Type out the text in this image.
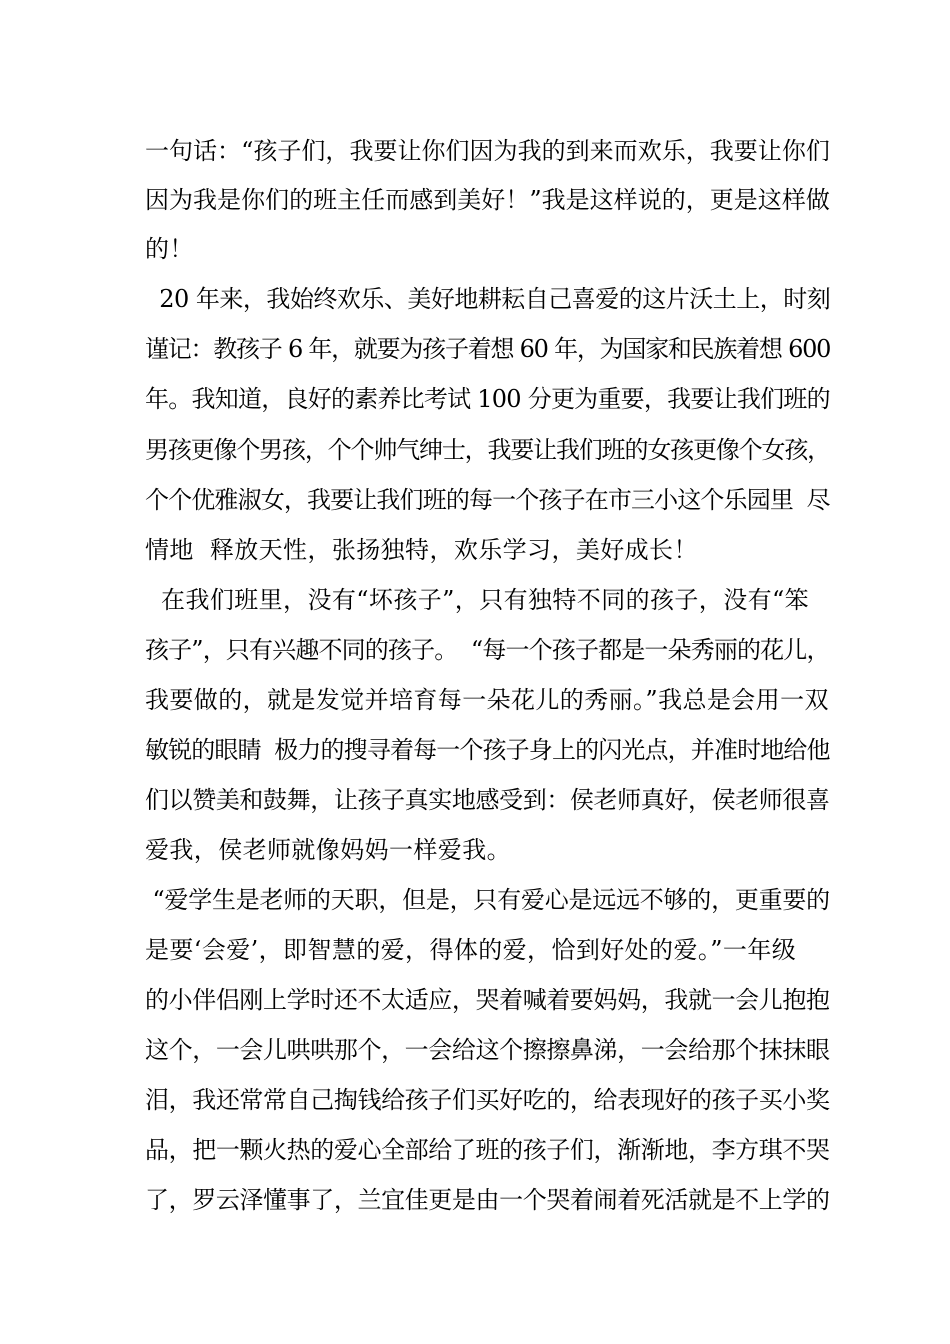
一句话：“孩子们，我要让你们因为我的到来而欢乐，我要让你们
因为我是你们的班主任而感到美好！”我是这样说的，更是这样做
的！
20 年来，我始终欢乐、美好地耕耘自己喜爱的这片沃土上，时刻
谨记：教孩子 6 年，就要为孩子着想 60 年，为国家和民族着想 600
年。我知道，良好的素养比考试 100 分更为重要，我要让我们班的
男孩更像个男孩，个个帅气绅士，我要让我们班的女孩更像个女孩，
个个优雅淑女，我要让我们班的每一个孩子在市三小这个乐园里  尽
情地  释放天性，张扬独特，欢乐学习，美好成长！
在我们班里，没有“坏孩子”，只有独特不同的孩子，没有“笨
孩子”，只有兴趣不同的孩子。  “每一个孩子都是一朵秀丽的花儿，
我要做的，就是发觉并培育每一朵花儿的秀丽。”我总是会用一双
敏锐的眼睛  极力的搜寻着每一个孩子身上的闪光点，并准时地给他
们以赞美和鼓舞，让孩子真实地感受到：侯老师真好，侯老师很喜
爱我，侯老师就像妈妈一样爱我。
“爱学生是老师的天职，但是，只有爱心是远远不够的，更重要的
是要‘会爱’，即智慧的爱，得体的爱，恰到好处的爱。”一年级
的小伴侣刚上学时还不太适应，哭着喊着要妈妈，我就一会儿抱抱
这个，一会儿哄哄那个，一会给这个擦擦鼻涕，一会给那个抹抹眼
泪，我还常常自己掏钱给孩子们买好吃的，给表现好的孩子买小奖
品，把一颗火热的爱心全部给了班的孩子们，渐渐地，李方琪不哭
了，罗云泽懂事了，兰宜佳更是由一个哭着闹着死活就是不上学的
